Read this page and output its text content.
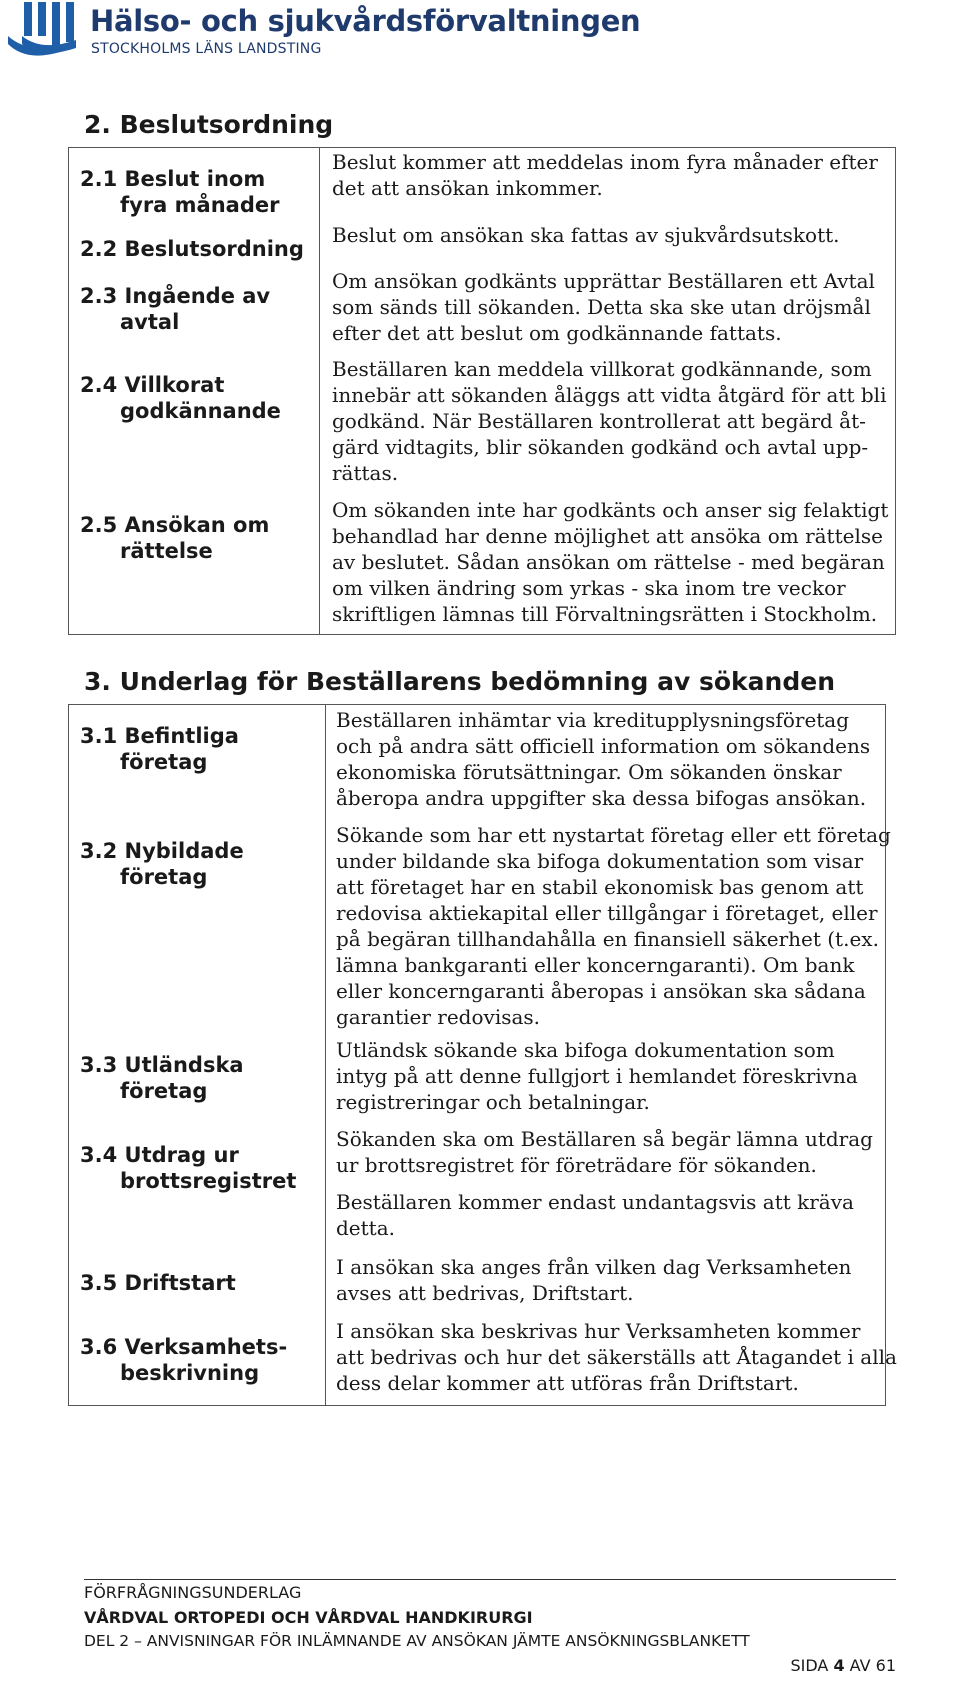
Hälso- och sjukvårdsförvaltningen
STOCKHOLMS LÄNS LANDSTING
2. Beslutsordning
2.1 Beslut inom
fyra månader
2.2 Beslutsordning
2.3 Ingående av
avtal
2.4 Villkorat
godkännande
2.5 Ansökan om
rättelse
Beslut kommer att meddelas inom fyra månader efter
det att ansökan inkommer.
Beslut om ansökan ska fattas av sjukvårdsutskott.
Om ansökan godkänts upprättar Beställaren ett Avtal
som sänds till sökanden. Detta ska ske utan dröjsmål
efter det att beslut om godkännande fattats.
Beställaren kan meddela villkorat godkännande, som
innebär att sökanden åläggs att vidta åtgärd för att bli
godkänd. När Beställaren kontrollerat att begärd åt-
gärd vidtagits, blir sökanden godkänd och avtal upp-
rättas.
Om sökanden inte har godkänts och anser sig felaktigt
behandlad har denne möjlighet att ansöka om rättelse
av beslutet. Sådan ansökan om rättelse - med begäran
om vilken ändring som yrkas - ska inom tre veckor
skriftligen lämnas till Förvaltningsrätten i Stockholm.
3. Underlag för Beställarens bedömning av sökanden
3.1 Befintliga
företag
3.2 Nybildade
företag
3.3 Utländska
företag
3.4 Utdrag ur
brottsregistret
3.5 Driftstart
3.6 Verksamhets-
beskrivning
Beställaren inhämtar via kreditupplysningsföretag
och på andra sätt officiell information om sökandens
ekonomiska förutsättningar. Om sökanden önskar
åberopa andra uppgifter ska dessa bifogas ansökan.
Sökande som har ett nystartat företag eller ett företag
under bildande ska bifoga dokumentation som visar
att företaget har en stabil ekonomisk bas genom att
redovisa aktiekapital eller tillgångar i företaget, eller
på begäran tillhandahålla en finansiell säkerhet (t.ex.
lämna bankgaranti eller koncerngaranti). Om bank
eller koncerngaranti åberopas i ansökan ska sådana
garantier redovisas.
Utländsk sökande ska bifoga dokumentation som
intyg på att denne fullgjort i hemlandet föreskrivna
registreringar och betalningar.
Sökanden ska om Beställaren så begär lämna utdrag
ur brottsregistret för företrädare för sökanden.
Beställaren kommer endast undantagsvis att kräva
detta.
I ansökan ska anges från vilken dag Verksamheten
avses att bedrivas, Driftstart.
I ansökan ska beskrivas hur Verksamheten kommer
att bedrivas och hur det säkerställs att Åtagandet i alla
dess delar kommer att utföras från Driftstart.
FÖRFRÅGNINGSUNDERLAG
VÅRDVAL ORTOPEDI OCH VÅRDVAL HANDKIRURGI
DEL 2 – ANVISNINGAR FÖR INLÄMNANDE AV ANSÖKAN JÄMTE ANSÖKNINGSBLANKETT
SIDA 4 AV 61
